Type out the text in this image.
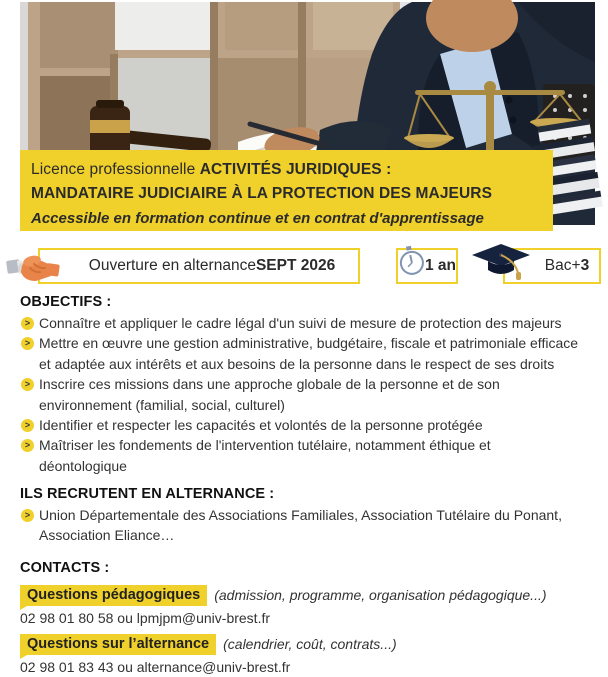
Licence professionnelle ACTIVITÉS JURIDIQUES :
MANDATAIRE JUDICIAIRE À LA PROTECTION DES MAJEURS
Accessible en formation continue et en contrat d'apprentissage
Ouverture en alternance SEPT 2026	1 an	Bac+ 3
OBJECTIFS :
>
Connaître et appliquer le cadre légal d'un suivi de mesure de protection des majeurs
>
Mettre en œuvre une gestion administrative, budgétaire, fiscale et patrimoniale efficace
et adaptée aux intérêts et aux besoins de la personne dans le respect de ses droits
>
Inscrire ces missions dans une approche globale de la personne et de son
environnement (familial, social, culturel)
>
Identifier et respecter les capacités et volontés de la personne protégée
>
Maîtriser les fondements de l'intervention tutélaire, notamment éthique et
déontologique
ILS RECRUTENT EN ALTERNANCE :
>
Union Départementale des Associations Familiales, Association Tutélaire du Ponant,
Association Eliance…
CONTACTS :
Questions pédagogiques	(admission, programme, organisation pédagogique...)
02 98 01 80 58 ou lpmjpm@univ-brest.fr
Questions sur l’alternance	(calendrier, coût, contrats...)
02 98 01 83 43 ou alternance@univ-brest.fr
